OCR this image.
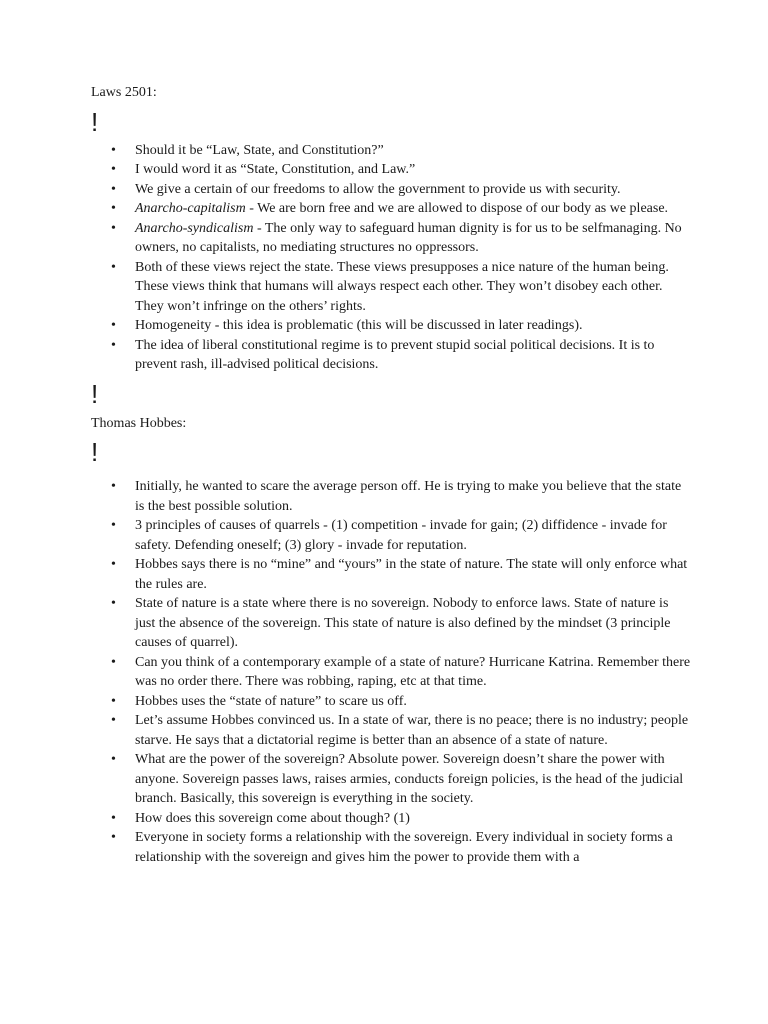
Laws 2501:

!
• Should it be “Law, State, and Constitution?”
• I would word it as “State, Constitution, and Law.”
• We give a certain of our freedoms to allow the government to provide us with security.
• Anarcho-capitalism - We are born free and we are allowed to dispose of our body as we please.
• Anarcho-syndicalism - The only way to safeguard human dignity is for us to be selfmanaging. No owners, no capitalists, no mediating structures no oppressors.
• Both of these views reject the state. These views presupposes a nice nature of the human being. These views think that humans will always respect each other. They won’t disobey each other. They won’t infringe on the others’ rights.
• Homogeneity - this idea is problematic (this will be discussed in later readings).
• The idea of liberal constitutional regime is to prevent stupid social political decisions. It is to prevent rash, ill-advised political decisions.
!

Thomas Hobbes:

!
• Initially, he wanted to scare the average person off. He is trying to make you believe that the state is the best possible solution.
• 3 principles of causes of quarrels - (1) competition - invade for gain; (2) diffidence - invade for safety. Defending oneself; (3) glory - invade for reputation.
• Hobbes says there is no “mine” and “yours” in the state of nature. The state will only enforce what the rules are.
• State of nature is a state where there is no sovereign. Nobody to enforce laws. State of nature is just the absence of the sovereign. This state of nature is also defined by the mindset (3 principle causes of quarrel).
• Can you think of a contemporary example of a state of nature? Hurricane Katrina. Remember there was no order there. There was robbing, raping, etc at that time.
• Hobbes uses the “state of nature” to scare us off.
• Let’s assume Hobbes convinced us. In a state of war, there is no peace; there is no industry; people starve. He says that a dictatorial regime is better than an absence of a state of nature.
• What are the power of the sovereign? Absolute power. Sovereign doesn’t share the power with anyone. Sovereign passes laws, raises armies, conducts foreign policies, is the head of the judicial branch. Basically, this sovereign is everything in the society.
• How does this sovereign come about though? (1)
• Everyone in society forms a relationship with the sovereign. Every individual in society forms a relationship with the sovereign and gives him the power to provide them with a
